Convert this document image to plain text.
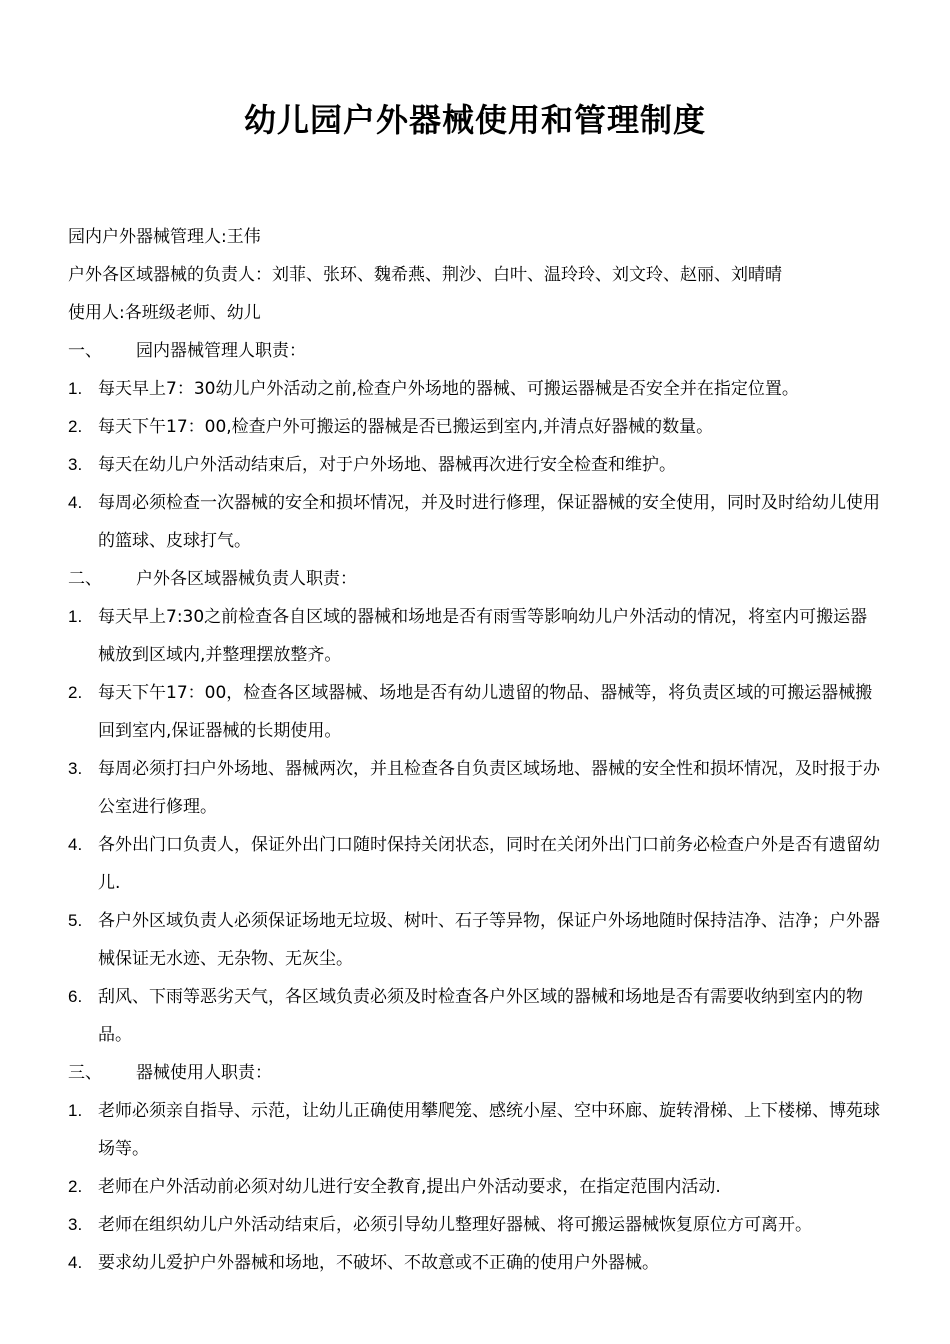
幼儿园户外器械使用和管理制度

园内户外器械管理人:王伟

户外各区域器械的负责人：刘菲、张环、魏希燕、荆沙、白叶、温玲玲、刘文玲、赵丽、刘晴晴

使用人:各班级老师、幼儿

一、	园内器械管理人职责：
1. 每天早上7：30幼儿户外活动之前,检查户外场地的器械、可搬运器械是否安全并在指定位置。
2. 每天下午17：00,检查户外可搬运的器械是否已搬运到室内,并清点好器械的数量。
3. 每天在幼儿户外活动结束后，对于户外场地、器械再次进行安全检查和维护。
4. 每周必须检查一次器械的安全和损坏情况，并及时进行修理，保证器械的安全使用，同时及时给幼儿使用的篮球、皮球打气。
二、	户外各区域器械负责人职责：
1. 每天早上7:30之前检查各自区域的器械和场地是否有雨雪等影响幼儿户外活动的情况，将室内可搬运器械放到区域内,并整理摆放整齐。
2. 每天下午17：00，检查各区域器械、场地是否有幼儿遗留的物品、器械等，将负责区域的可搬运器械搬回到室内,保证器械的长期使用。
3. 每周必须打扫户外场地、器械两次，并且检查各自负责区域场地、器械的安全性和损坏情况，及时报于办公室进行修理。
4. 各外出门口负责人，保证外出门口随时保持关闭状态，同时在关闭外出门口前务必检查户外是否有遗留幼儿.
5. 各户外区域负责人必须保证场地无垃圾、树叶、石子等异物，保证户外场地随时保持洁净、洁净；户外器械保证无水迹、无杂物、无灰尘。
6. 刮风、下雨等恶劣天气，各区域负责必须及时检查各户外区域的器械和场地是否有需要收纳到室内的物品。
三、	器械使用人职责：
1. 老师必须亲自指导、示范，让幼儿正确使用攀爬笼、感统小屋、空中环廊、旋转滑梯、上下楼梯、博苑球场等。
2. 老师在户外活动前必须对幼儿进行安全教育,提出户外活动要求，在指定范围内活动.
3. 老师在组织幼儿户外活动结束后，必须引导幼儿整理好器械、将可搬运器械恢复原位方可离开。
4. 要求幼儿爱护户外器械和场地，不破坏、不故意或不正确的使用户外器械。
